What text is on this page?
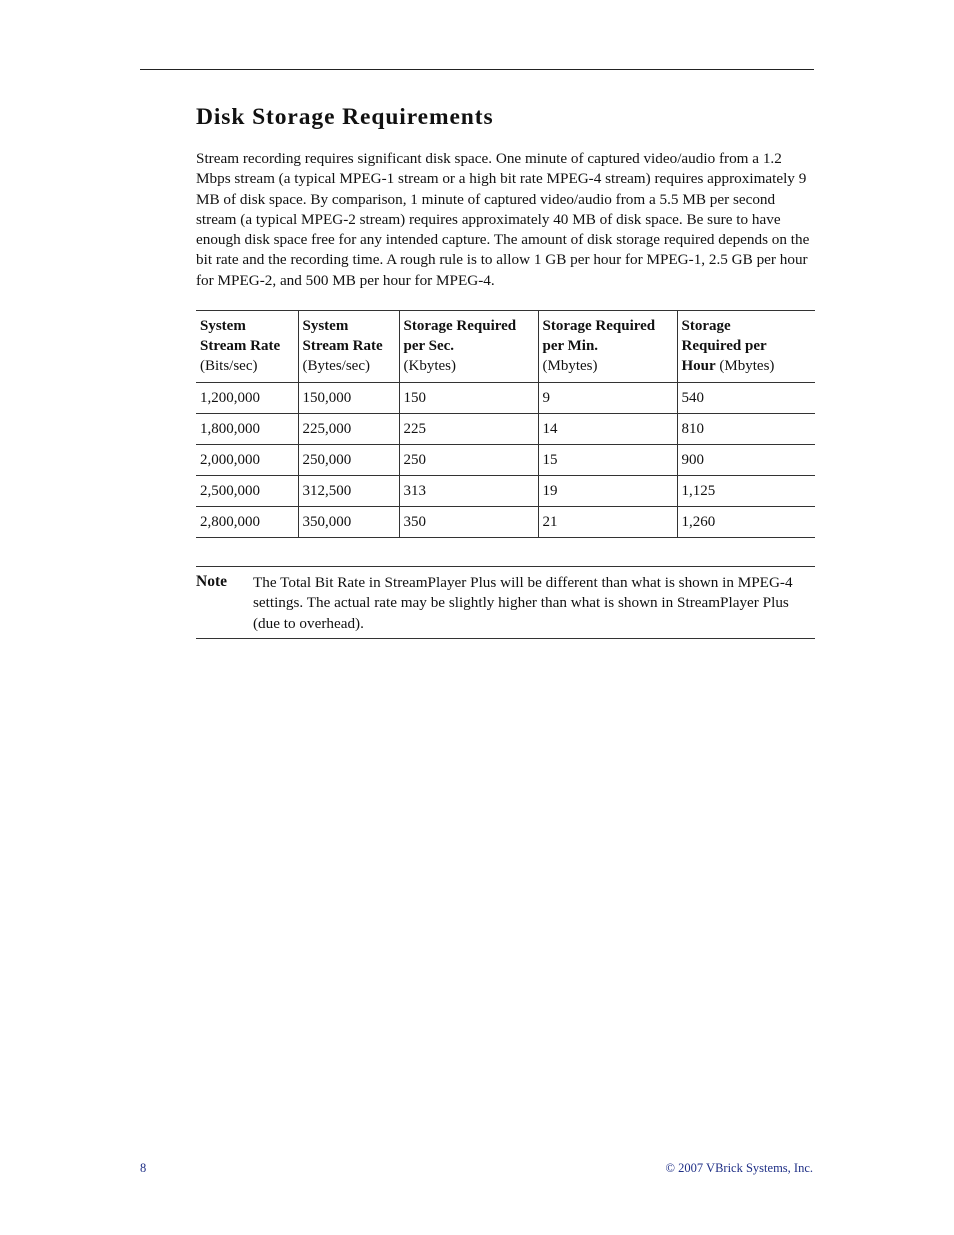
Disk Storage Requirements

Stream recording requires significant disk space. One minute of captured video/audio from a 1.2 Mbps stream (a typical MPEG-1 stream or a high bit rate MPEG-4 stream) requires approximately 9 MB of disk space. By comparison, 1 minute of captured video/audio from a 5.5 MB per second stream (a typical MPEG-2 stream) requires approximately 40 MB of disk space. Be sure to have enough disk space free for any intended capture. The amount of disk storage required depends on the bit rate and the recording time. A rough rule is to allow 1 GB per hour for MPEG-1, 2.5 GB per hour for MPEG-2, and 500 MB per hour for MPEG-4.

System
Stream Rate
(Bits/sec)	System
Stream Rate
(Bytes/sec)	Storage Required
per Sec.
(Kbytes)	Storage Required
per Min.
(Mbytes)	Storage
Required per
Hour (Mbytes)
1,200,000	150,000	150	9	540
1,800,000	225,000	225	14	810
2,000,000	250,000	250	15	900
2,500,000	312,500	313	19	1,125
2,800,000	350,000	350	21	1,260
Note The Total Bit Rate in StreamPlayer Plus will be different than what is shown in MPEG-4 settings. The actual rate may be slightly higher than what is shown in StreamPlayer Plus (due to overhead).

8	© 2007 VBrick Systems, Inc.
